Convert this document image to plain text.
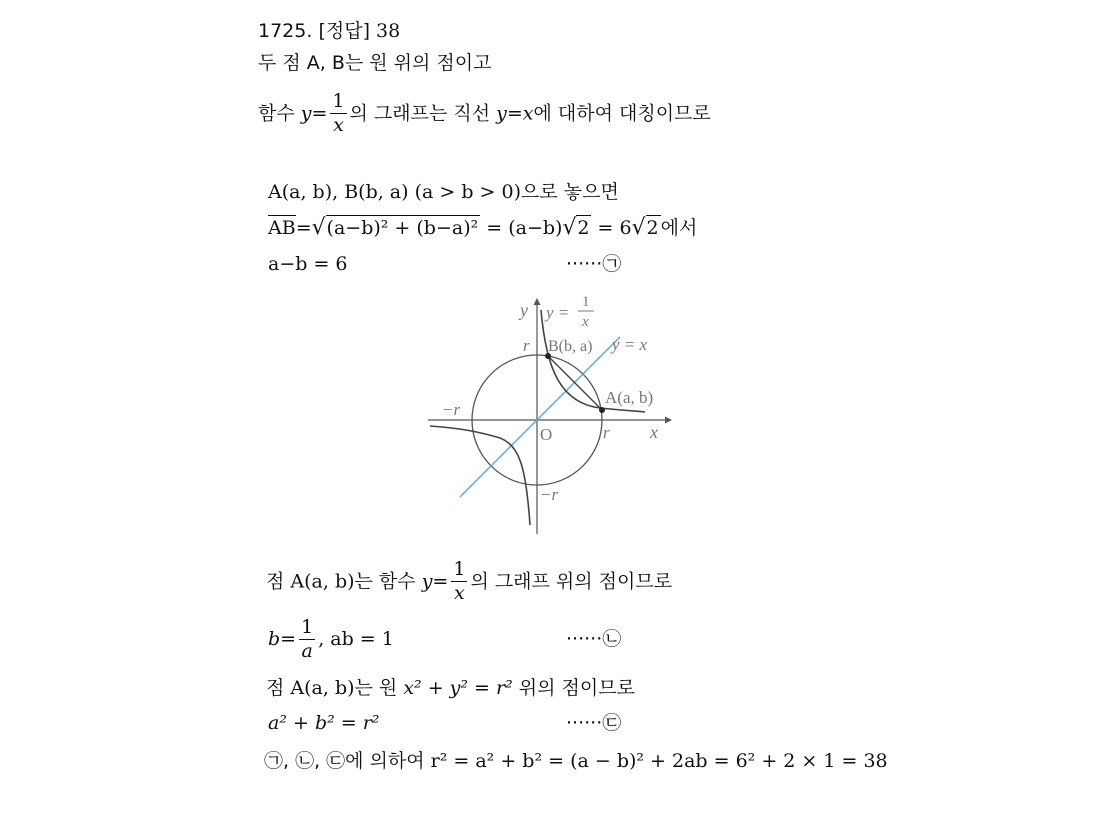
1725. [정답] 38
두 점 A, B는 원 위의 점이고
함수 $y= \frac{1}{x}$ 의 그래프는 직선 y=x에 대하여 대칭이므로
A(a, b), B(b, a) (a > b > 0)으로 놓으면
AB=√(a−b)² + (b−a)² = (a−b)√2 = 6√2 에서
a−b = 6	······㉠
y y =
1
x
r B(b, a) y = x
A(a, b)
−r
O	r x
−r
점 A(a, b)는 함수 $y= \frac{1}{x}$ 의 그래프 위의 점이므로
$b= \frac{1}{a}$ , ab = 1	······㉡
점 A(a, b)는 원 x² + y² = r² 위의 점이므로
a² + b² = r²	······㉢
㉠, ㉡, ㉢에 의하여 r² = a² + b² = (a − b)² + 2ab = 6² + 2 × 1 = 38
